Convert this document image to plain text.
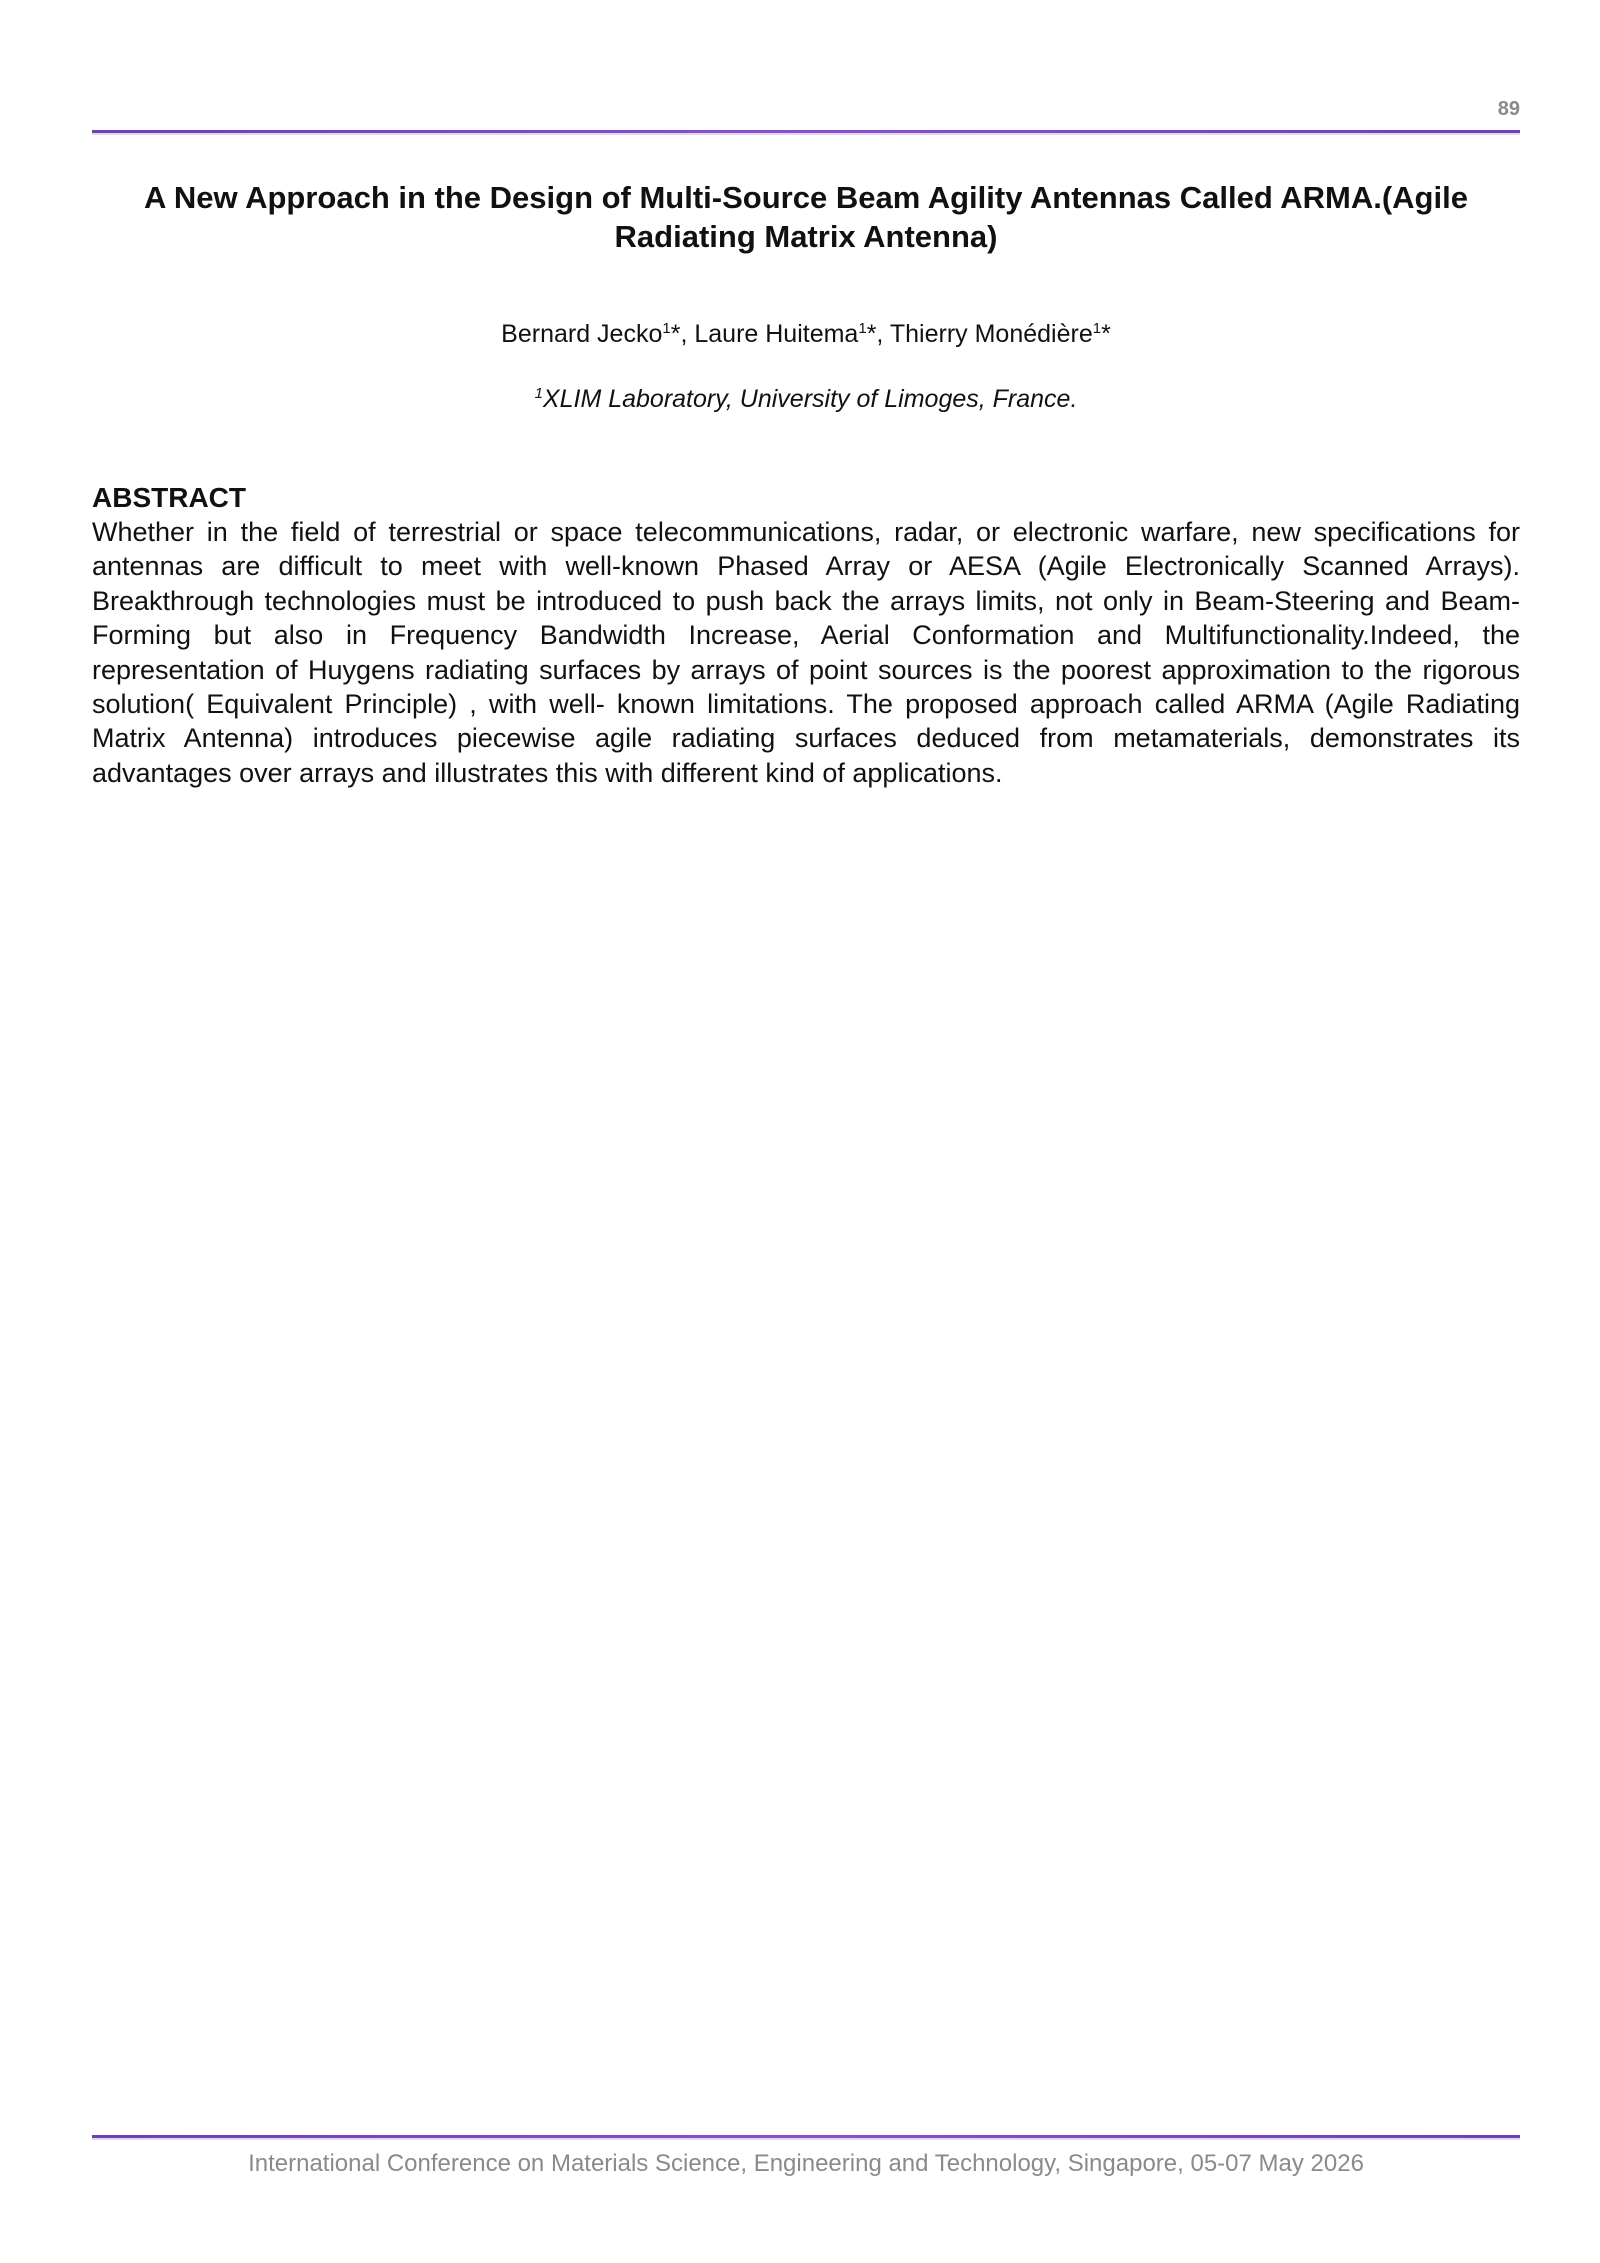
89
A New Approach in the Design of Multi-Source Beam Agility Antennas Called ARMA.(Agile Radiating Matrix Antenna)
Bernard Jecko$^1$*, Laure Huitema$^1$*, Thierry Monédière$^1$*
$^1$XLIM Laboratory, University of Limoges, France.
ABSTRACT
Whether in the field of terrestrial or space telecommunications, radar, or electronic warfare, new specifications for antennas are difficult to meet with well-known Phased Array or AESA (Agile Electronically Scanned Arrays). Breakthrough technologies must be introduced to push back the arrays limits, not only in Beam-Steering and Beam-Forming but also in Frequency Bandwidth Increase, Aerial Conformation and Multifunctionality.Indeed, the representation of Huygens radiating surfaces by arrays of point sources is the poorest approximation to the rigorous solution( Equivalent Principle) , with well- known limitations. The proposed approach called ARMA (Agile Radiating Matrix Antenna) introduces piecewise agile radiating surfaces deduced from metamaterials, demonstrates its advantages over arrays and illustrates this with different kind of applications.
International Conference on Materials Science, Engineering and Technology, Singapore, 05-07 May 2026
